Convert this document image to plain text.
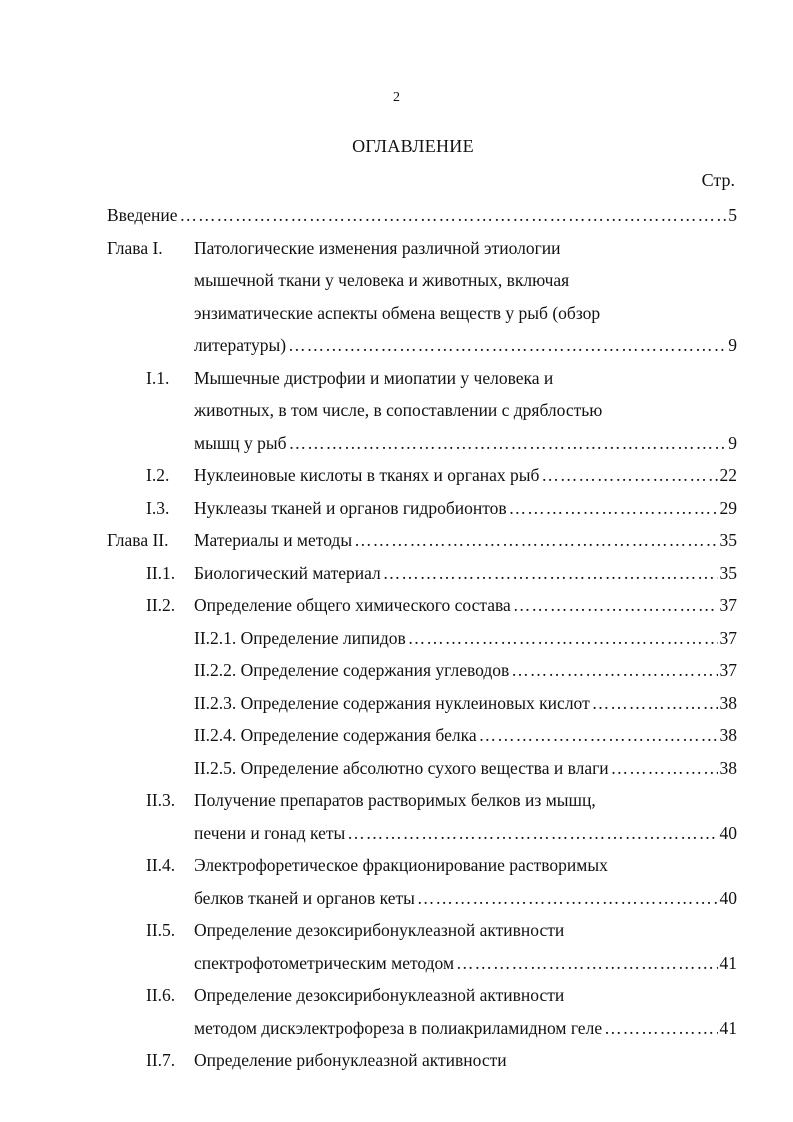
2
ОГЛАВЛЕНИЕ
Стр.
Введение ……………………………………………………………………………………………………………………………………………………………………	5
Глава I. Патологические изменения различной этиологии
мышечной ткани у человека и животных, включая
энзиматические аспекты обмена веществ у рыб (обзор
литературы) ……………………………………………………………………………………………………………………………………………………………………	9
I.1. Мышечные дистрофии и миопатии у человека и
животных, в том числе, в сопоставлении с дряблостью
мышц у рыб ……………………………………………………………………………………………………………………………………………………………………	9
I.2. Нуклеиновые кислоты в тканях и органах рыб ……………………………………………………………………………………………………………………………………………………………………	22
I.3. Нуклеазы тканей и органов гидробионтов ……………………………………………………………………………………………………………………………………………………………………	29
Глава II. Материалы и методы ……………………………………………………………………………………………………………………………………………………………………	35
II.1. Биологический материал ……………………………………………………………………………………………………………………………………………………………………	35
II.2. Определение общего химического состава ……………………………………………………………………………………………………………………………………………………………………	37
II.2.1. Определение липидов ……………………………………………………………………………………………………………………………………………………………………	37
II.2.2. Определение содержания углеводов ……………………………………………………………………………………………………………………………………………………………………	37
II.2.3. Определение содержания нуклеиновых кислот ……………………………………………………………………………………………………………………………………………………………………	38
II.2.4. Определение содержания белка ……………………………………………………………………………………………………………………………………………………………………	38
II.2.5. Определение абсолютно сухого вещества и влаги ……………………………………………………………………………………………………………………………………………………………………	38
II.3. Получение препаратов растворимых белков из мышц,
печени и гонад кеты ……………………………………………………………………………………………………………………………………………………………………	40
II.4. Электрофоретическое фракционирование растворимых
белков тканей и органов кеты ……………………………………………………………………………………………………………………………………………………………………	40
II.5. Определение дезоксирибонуклеазной активности
спектрофотометрическим методом ……………………………………………………………………………………………………………………………………………………………………	41
II.6. Определение дезоксирибонуклеазной активности
методом дискэлектрофореза в полиакриламидном геле ……………………………………………………………………………………………………………………………………………………………………	41
II.7. Определение рибонуклеазной активности
